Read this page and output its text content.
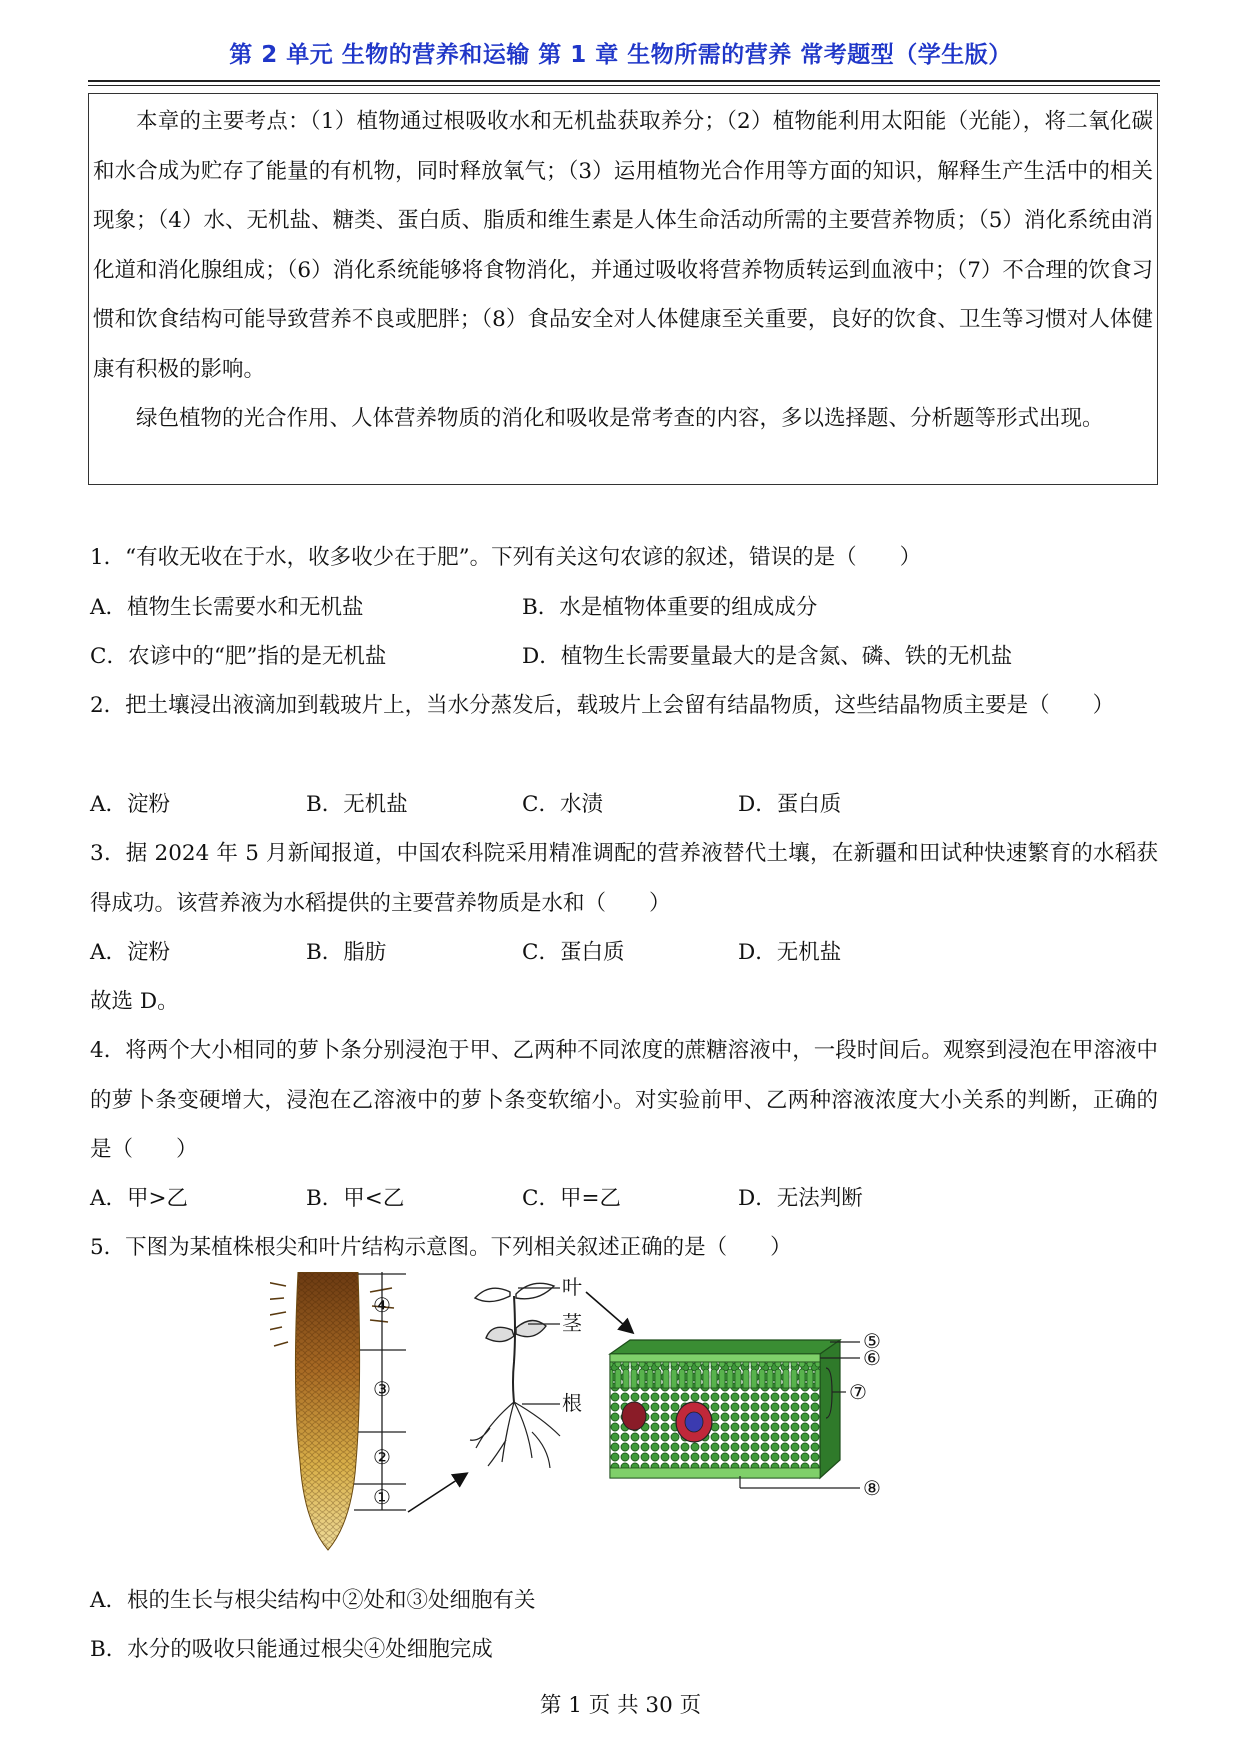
第 2 单元 生物的营养和运输 第 1 章 生物所需的营养 常考题型（学生版）

本章的主要考点：（1）植物通过根吸收水和无机盐获取养分；（2）植物能利用太阳能（光能），将二氧化碳和水合成为贮存了能量的有机物，同时释放氧气；（3）运用植物光合作用等方面的知识，解释生产生活中的相关现象；（4）水、无机盐、糖类、蛋白质、脂质和维生素是人体生命活动所需的主要营养物质；（5）消化系统由消化道和消化腺组成；（6）消化系统能够将食物消化，并通过吸收将营养物质转运到血液中；（7）不合理的饮食习惯和饮食结构可能导致营养不良或肥胖；（8）食品安全对人体健康至关重要，良好的饮食、卫生等习惯对人体健康有积极的影响。

绿色植物的光合作用、人体营养物质的消化和吸收是常考查的内容，多以选择题、分析题等形式出现。

1．“有收无收在于水，收多收少在于肥”。下列有关这句农谚的叙述，错误的是（　　）

A．植物生长需要水和无机盐	B．水是植物体重要的组成成分
C．农谚中的“肥”指的是无机盐	D．植物生长需要量最大的是含氮、磷、铁的无机盐

2．把土壤浸出液滴加到载玻片上，当水分蒸发后，载玻片上会留有结晶物质，这些结晶物质主要是（　　）

A．淀粉	B．无机盐	C．水渍	D．蛋白质

3．据 2024 年 5 月新闻报道，中国农科院采用精准调配的营养液替代土壤，在新疆和田试种快速繁育的水稻获得成功。该营养液为水稻提供的主要营养物质是水和（　　）

A．淀粉	B．脂肪	C．蛋白质	D．无机盐
故选 D。

4．将两个大小相同的萝卜条分别浸泡于甲、乙两种不同浓度的蔗糖溶液中，一段时间后。观察到浸泡在甲溶液中的萝卜条变硬增大，浸泡在乙溶液中的萝卜条变软缩小。对实验前甲、乙两种溶液浓度大小关系的判断，正确的是（　　）

A．甲>乙	B．甲<乙	C．甲=乙	D．无法判断

5．下图为某植株根尖和叶片结构示意图。下列相关叙述正确的是（　　）

④
③
②
①
叶
茎
根
⑤
⑥
⑦
⑧
A．根的生长与根尖结构中②处和③处细胞有关
B．水分的吸收只能通过根尖④处细胞完成
第 1 页 共 30 页
